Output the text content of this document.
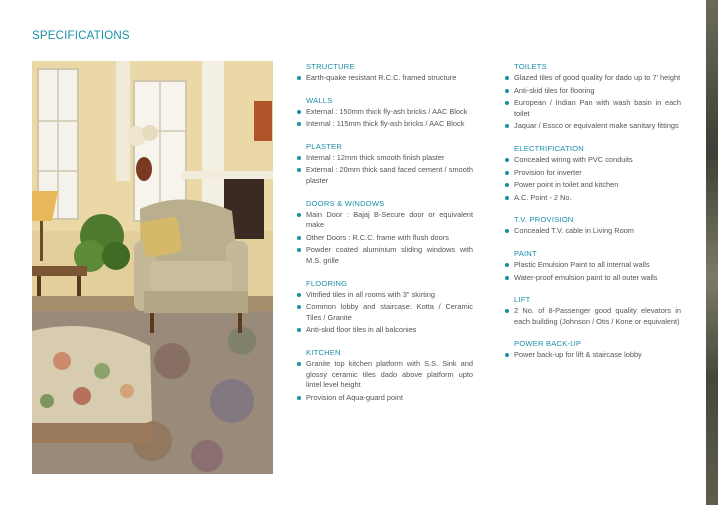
SPECIFICATIONS
STRUCTURE
Earth-quake resistant R.C.C. framed structure
WALLS
External : 150mm thick fly-ash bricks / AAC Block
Internal : 115mm thick fly-ash bricks / AAC Block
PLASTER
Internal : 12mm thick smooth finish plaster
External : 20mm thick sand faced cement / smooth plaster
DOORS & WINDOWS
Main Door : Bajaj B-Secure door or equivalent make
Other Doors : R.C.C. frame with flush doors
Powder coated aluminium sliding windows with M.S. grille
FLOORING
Vitrified tiles in all rooms with 3" skirting
Common lobby and staircase: Kotta / Ceramic Tiles / Granite
Anti-skid floor tiles in all balconies
KITCHEN
Granite top kitchen platform with S.S. Sink and glossy ceramic tiles dado above platform upto lintel level height
Provision of Aqua-guard point
TOILETS
Glazed tiles of good quality for dado up to 7' height
Anti-skid tiles for flooring
European / Indian Pan with wash basin in each toilet
Jaquar / Essco or equivalent make sanitary fittings
ELECTRIFICATION
Concealed wiring with PVC conduits
Provision for inverter
Power point in toilet and kitchen
A.C. Point - 2 No.
T.V. PROVISION
Concealed T.V. cable in Living Room
PAINT
Plastic Emulsion Paint to all internal walls
Water-proof emulsion paint to all outer walls
LIFT
2 No. of 8-Passenger good quality elevators in each building (Johnson / Otis / Kone or equivalent)
POWER BACK-UP
Power back-up for lift & staircase lobby
